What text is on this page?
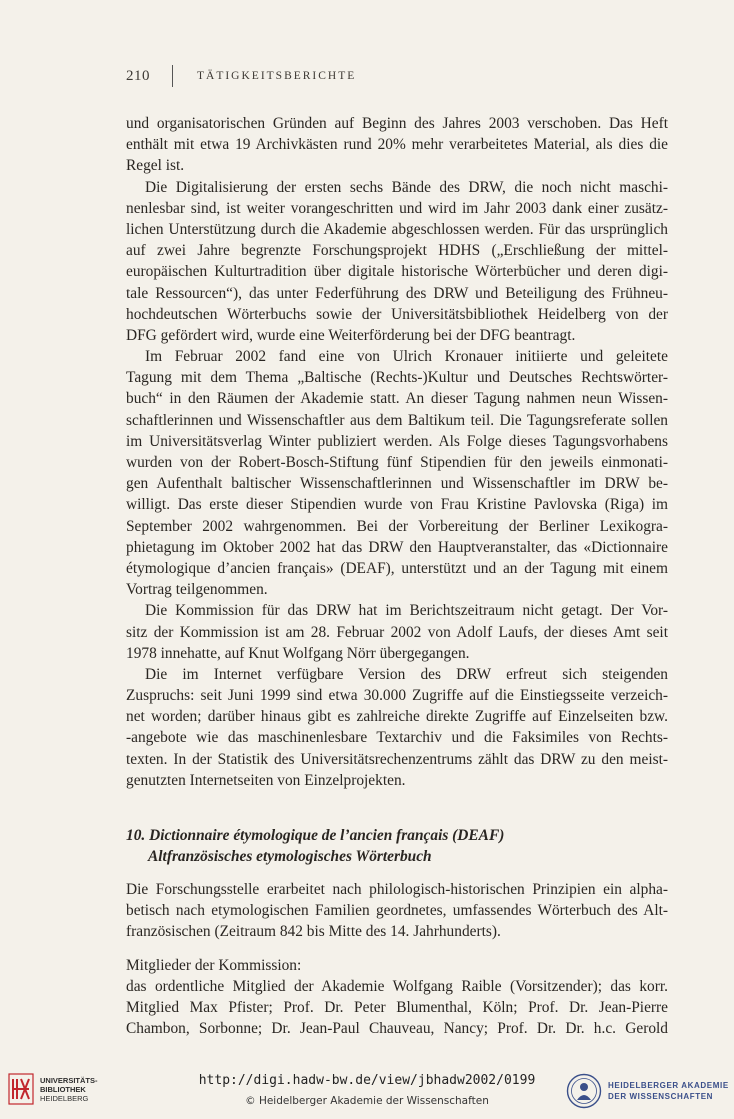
210	TÄTIGKEITSBERICHTE
und organisatorischen Gründen auf Beginn des Jahres 2003 verschoben. Das Heft
enthält mit etwa 19 Archivkästen rund 20% mehr verarbeitetes Material, als dies die
Regel ist.
Die Digitalisierung der ersten sechs Bände des DRW, die noch nicht maschi-
nenlesbar sind, ist weiter vorangeschritten und wird im Jahr 2003 dank einer zusätz-
lichen Unterstützung durch die Akademie abgeschlossen werden. Für das ursprünglich
auf zwei Jahre begrenzte Forschungsprojekt HDHS („Erschließung der mittel-
europäischen Kulturtradition über digitale historische Wörterbücher und deren digi-
tale Ressourcen“), das unter Federführung des DRW und Beteiligung des Frühneu-
hochdeutschen Wörterbuchs sowie der Universitätsbibliothek Heidelberg von der
DFG gefördert wird, wurde eine Weiterförderung bei der DFG beantragt.
Im Februar 2002 fand eine von Ulrich Kronauer initiierte und geleitete
Tagung mit dem Thema „Baltische (Rechts-)Kultur und Deutsches Rechtswörter-
buch“ in den Räumen der Akademie statt. An dieser Tagung nahmen neun Wissen-
schaftlerinnen und Wissenschaftler aus dem Baltikum teil. Die Tagungsreferate sollen
im Universitätsverlag Winter publiziert werden. Als Folge dieses Tagungsvorhabens
wurden von der Robert-Bosch-Stiftung fünf Stipendien für den jeweils einmonati-
gen Aufenthalt baltischer Wissenschaftlerinnen und Wissenschaftler im DRW be-
willigt. Das erste dieser Stipendien wurde von Frau Kristine Pavlovska (Riga) im
September 2002 wahrgenommen. Bei der Vorbereitung der Berliner Lexikogra-
phietagung im Oktober 2002 hat das DRW den Hauptveranstalter, das «Dictionnaire
étymologique d’ancien français» (DEAF), unterstützt und an der Tagung mit einem
Vortrag teilgenommen.
Die Kommission für das DRW hat im Berichtszeitraum nicht getagt. Der Vor-
sitz der Kommission ist am 28. Februar 2002 von Adolf Laufs, der dieses Amt seit
1978 innehatte, auf Knut Wolfgang Nörr übergegangen.
Die im Internet verfügbare Version des DRW erfreut sich steigenden
Zuspruchs: seit Juni 1999 sind etwa 30.000 Zugriffe auf die Einstiegsseite verzeich-
net worden; darüber hinaus gibt es zahlreiche direkte Zugriffe auf Einzelseiten bzw.
-angebote wie das maschinenlesbare Textarchiv und die Faksimiles von Rechts-
texten. In der Statistik des Universitätsrechenzentrums zählt das DRW zu den meist-
genutzten Internetseiten von Einzelprojekten.
10. Dictionnaire étymologique de l’ancien français (DEAF)
Altfranzösisches etymologisches Wörterbuch
Die Forschungsstelle erarbeitet nach philologisch-historischen Prinzipien ein alpha-
betisch nach etymologischen Familien geordnetes, umfassendes Wörterbuch des Alt-
französischen (Zeitraum 842 bis Mitte des 14. Jahrhunderts).
Mitglieder der Kommission:
das ordentliche Mitglied der Akademie Wolfgang Raible (Vorsitzender); das korr.
Mitglied Max Pfister; Prof. Dr. Peter Blumenthal, Köln; Prof. Dr. Jean-Pierre
Chambon, Sorbonne; Dr. Jean-Paul Chauveau, Nancy; Prof. Dr. Dr. h.c. Gerold
UNIVERSITÄTS-
BIBLIOTHEK
HEIDELBERG
http://digi.hadw-bw.de/view/jbhadw2002/0199
© Heidelberger Akademie der Wissenschaften
HEIDELBERGER AKADEMIE
DER WISSENSCHAFTEN
